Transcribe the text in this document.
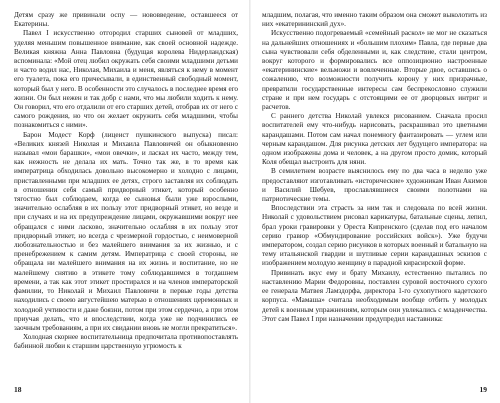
Детям сразу же привинали оспу — нововведение, оставшееся от Екатерины.

Павел I искусственно отгородил старших сыновей от младших, уделяя меньшим повышенное внимание, как своей основной надежде. Великая княжна Анна Павловна (будущая королева Нидерландская) вспоминала: «Мой отец любил окружать себя своими младшими детьми и часто водил нас, Николая, Михаила и меня, являться к нему в момент его туалета, пока его причесывали, в единственный свободный момент, который был у него. В особенности это случалось в последнее время его жизни. Он был нежен и так добр с нами, что мы любили ходить к нему. Он говорил, что его отдалили от его старших детей, отобрав их от него с самого рождения, но что он желает окружить себя младшими, чтобы познакомиться с ними».

Барон Модест Корф (лицеист пушкинского выпуска) писал: «Великих князей Николая и Михаила Павловичей он обыкновенно называл «мои барашки», «мои овечки», и ласкал их часто, между тем, как нежность не делала их мать. Точно так же, в то время как императрица обходилась довольно высокомерно и холодно с лицами, приставленными при младших ее детях, строго заставляя их соблюдать в отношении себя самый придворный этикет, который особенно тягостно был соблюдаем, когда ее сыновья были уже взрослыми, значительно ослабляя в их пользу этот придворный этикет, но везде и при случаях и на их предупреждение лицами, окружавшими вокруг нее обращался с ними ласково, значительно ослабляя в их пользу этот придворный этикет, но всегда с чрезмерной гордостью, с неимоверной любознательностью и без малейшего внимания за их жизнью, и с пренебрежением к самим детям. Императрица с своей стороны, не обращала ни малейшего внимания на их жизнь и воспитание, но не малейшему снятию в этикете тому соблюдавшимся в тогдашнем времени, а так как этот этикет простирался и на членов императорской фамилии, то Николай и Михаил Павловичи в первые годы детства находились с своею августейшею матерью в отношениях церемонных и холодной учтивости и даже боязни, потом при этом сердечно, а при этом приучая делать, что и впоследствии, когда уже не подчинились ее заочным требованиям, а при их свидании вновь не могли прекратиться».

Холодная скорнее воспитательница предпочитала противопоставлять бабинной любви к старшим царственную угрюмость к

18

младшим, полагая, что именно таким образом она сможет выколотить из них «екатерининский дух».

Искусственно подогреваемый «семейный раскол» не мог не сказаться на дальнейших отношениях и «большим плохим» Павла, где первые два сына чувствовали себя обделенными и, как следствие, стали центром, вокруг которого и формировались все оппозиционно настроенные «екатерининские» вельможи и вовлеченные. Вторые двое, оставшись о сожалению, что возможности получить корону у них призрачные, превратили государственные интересы сам беспрекословно служили стране и при нем государь с отстоящими ее от дворцовых интриг и расчетов.

С раннего детства Николай увлекся рисованием. Сначала просил воспитателей ему что-нибудь нарисовать, раскрашивал это цветными карандашами. Потом сам начал понемногу фантазировать — углем или черным карандашом. Для рисунка детских лет будущего императора: на одном изображены дома и человек, а на другом просто домик, который Коля обещал выстроить для няни.

В семилетнем возрасте выяснилось ему по два часа в неделю уже предоставляют изготавливать «исторические» художникам Иван Акимов и Василий Шебуев, прославлявшиеся своими полотнами на патриотические темы.

Впоследствии эта страсть за ним так и следовала по всей жизни. Николай с удовольствием рисовал карикатуры, батальные сцены, лепил, брал уроки гравировки у Ореста Кипренского (сделав под его началом серию гравюр «Обмундирование российских войск»). Уже будучи императором, создал серию рисунков в которых военный и батальную на тему итальянской гвардии и шутливые серии карандашных эскизов с изображением молодую женщину в парадной кирасирской форме.

Привинать вкус ему и брату Михаилу, естественно пытались по наставлению Марии Федоровны, поставлен суровой восточного сухого ее генерала Матвея Ламздорфа, директора 1-го сухопутного кадетского корпуса. «Мамаша» считала необходимым вообще отбить у молодых детей к военным упражнениям, которым они увлекались с младенчества. Этот сам Павел I при назначении предупредил наставника:

19
